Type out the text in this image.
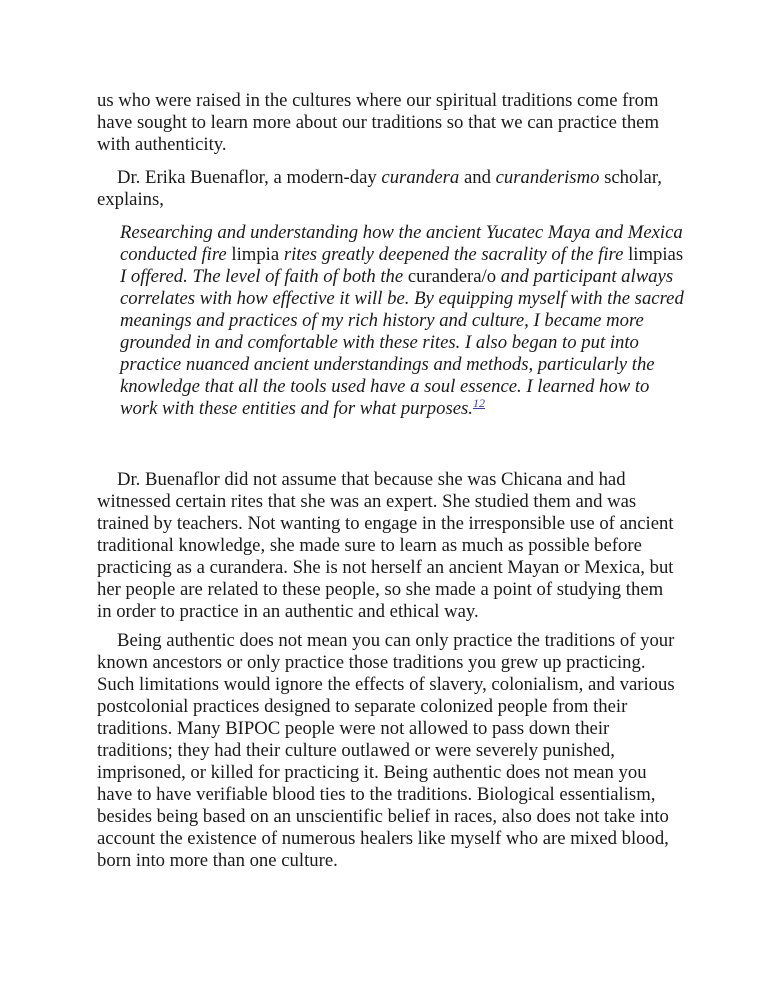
us who were raised in the cultures where our spiritual traditions come from have sought to learn more about our traditions so that we can practice them with authenticity.

Dr. Erika Buenaflor, a modern-day curandera and curanderismo scholar, explains,

Researching and understanding how the ancient Yucatec Maya and Mexica conducted fire limpia rites greatly deepened the sacrality of the fire limpias I offered. The level of faith of both the curandera/o and participant always correlates with how effective it will be. By equipping myself with the sacred meanings and practices of my rich history and culture, I became more grounded in and comfortable with these rites. I also began to put into practice nuanced ancient understandings and methods, particularly the knowledge that all the tools used have a soul essence. I learned how to work with these entities and for what purposes.$^{12}$

Dr. Buenaflor did not assume that because she was Chicana and had witnessed certain rites that she was an expert. She studied them and was trained by teachers. Not wanting to engage in the irresponsible use of ancient traditional knowledge, she made sure to learn as much as possible before practicing as a curandera. She is not herself an ancient Mayan or Mexica, but her people are related to these people, so she made a point of studying them in order to practice in an authentic and ethical way.

Being authentic does not mean you can only practice the traditions of your known ancestors or only practice those traditions you grew up practicing. Such limitations would ignore the effects of slavery, colonialism, and various postcolonial practices designed to separate colonized people from their traditions. Many BIPOC people were not allowed to pass down their traditions; they had their culture outlawed or were severely punished, imprisoned, or killed for practicing it. Being authentic does not mean you have to have verifiable blood ties to the traditions. Biological essentialism, besides being based on an unscientific belief in races, also does not take into account the existence of numerous healers like myself who are mixed blood, born into more than one culture.
